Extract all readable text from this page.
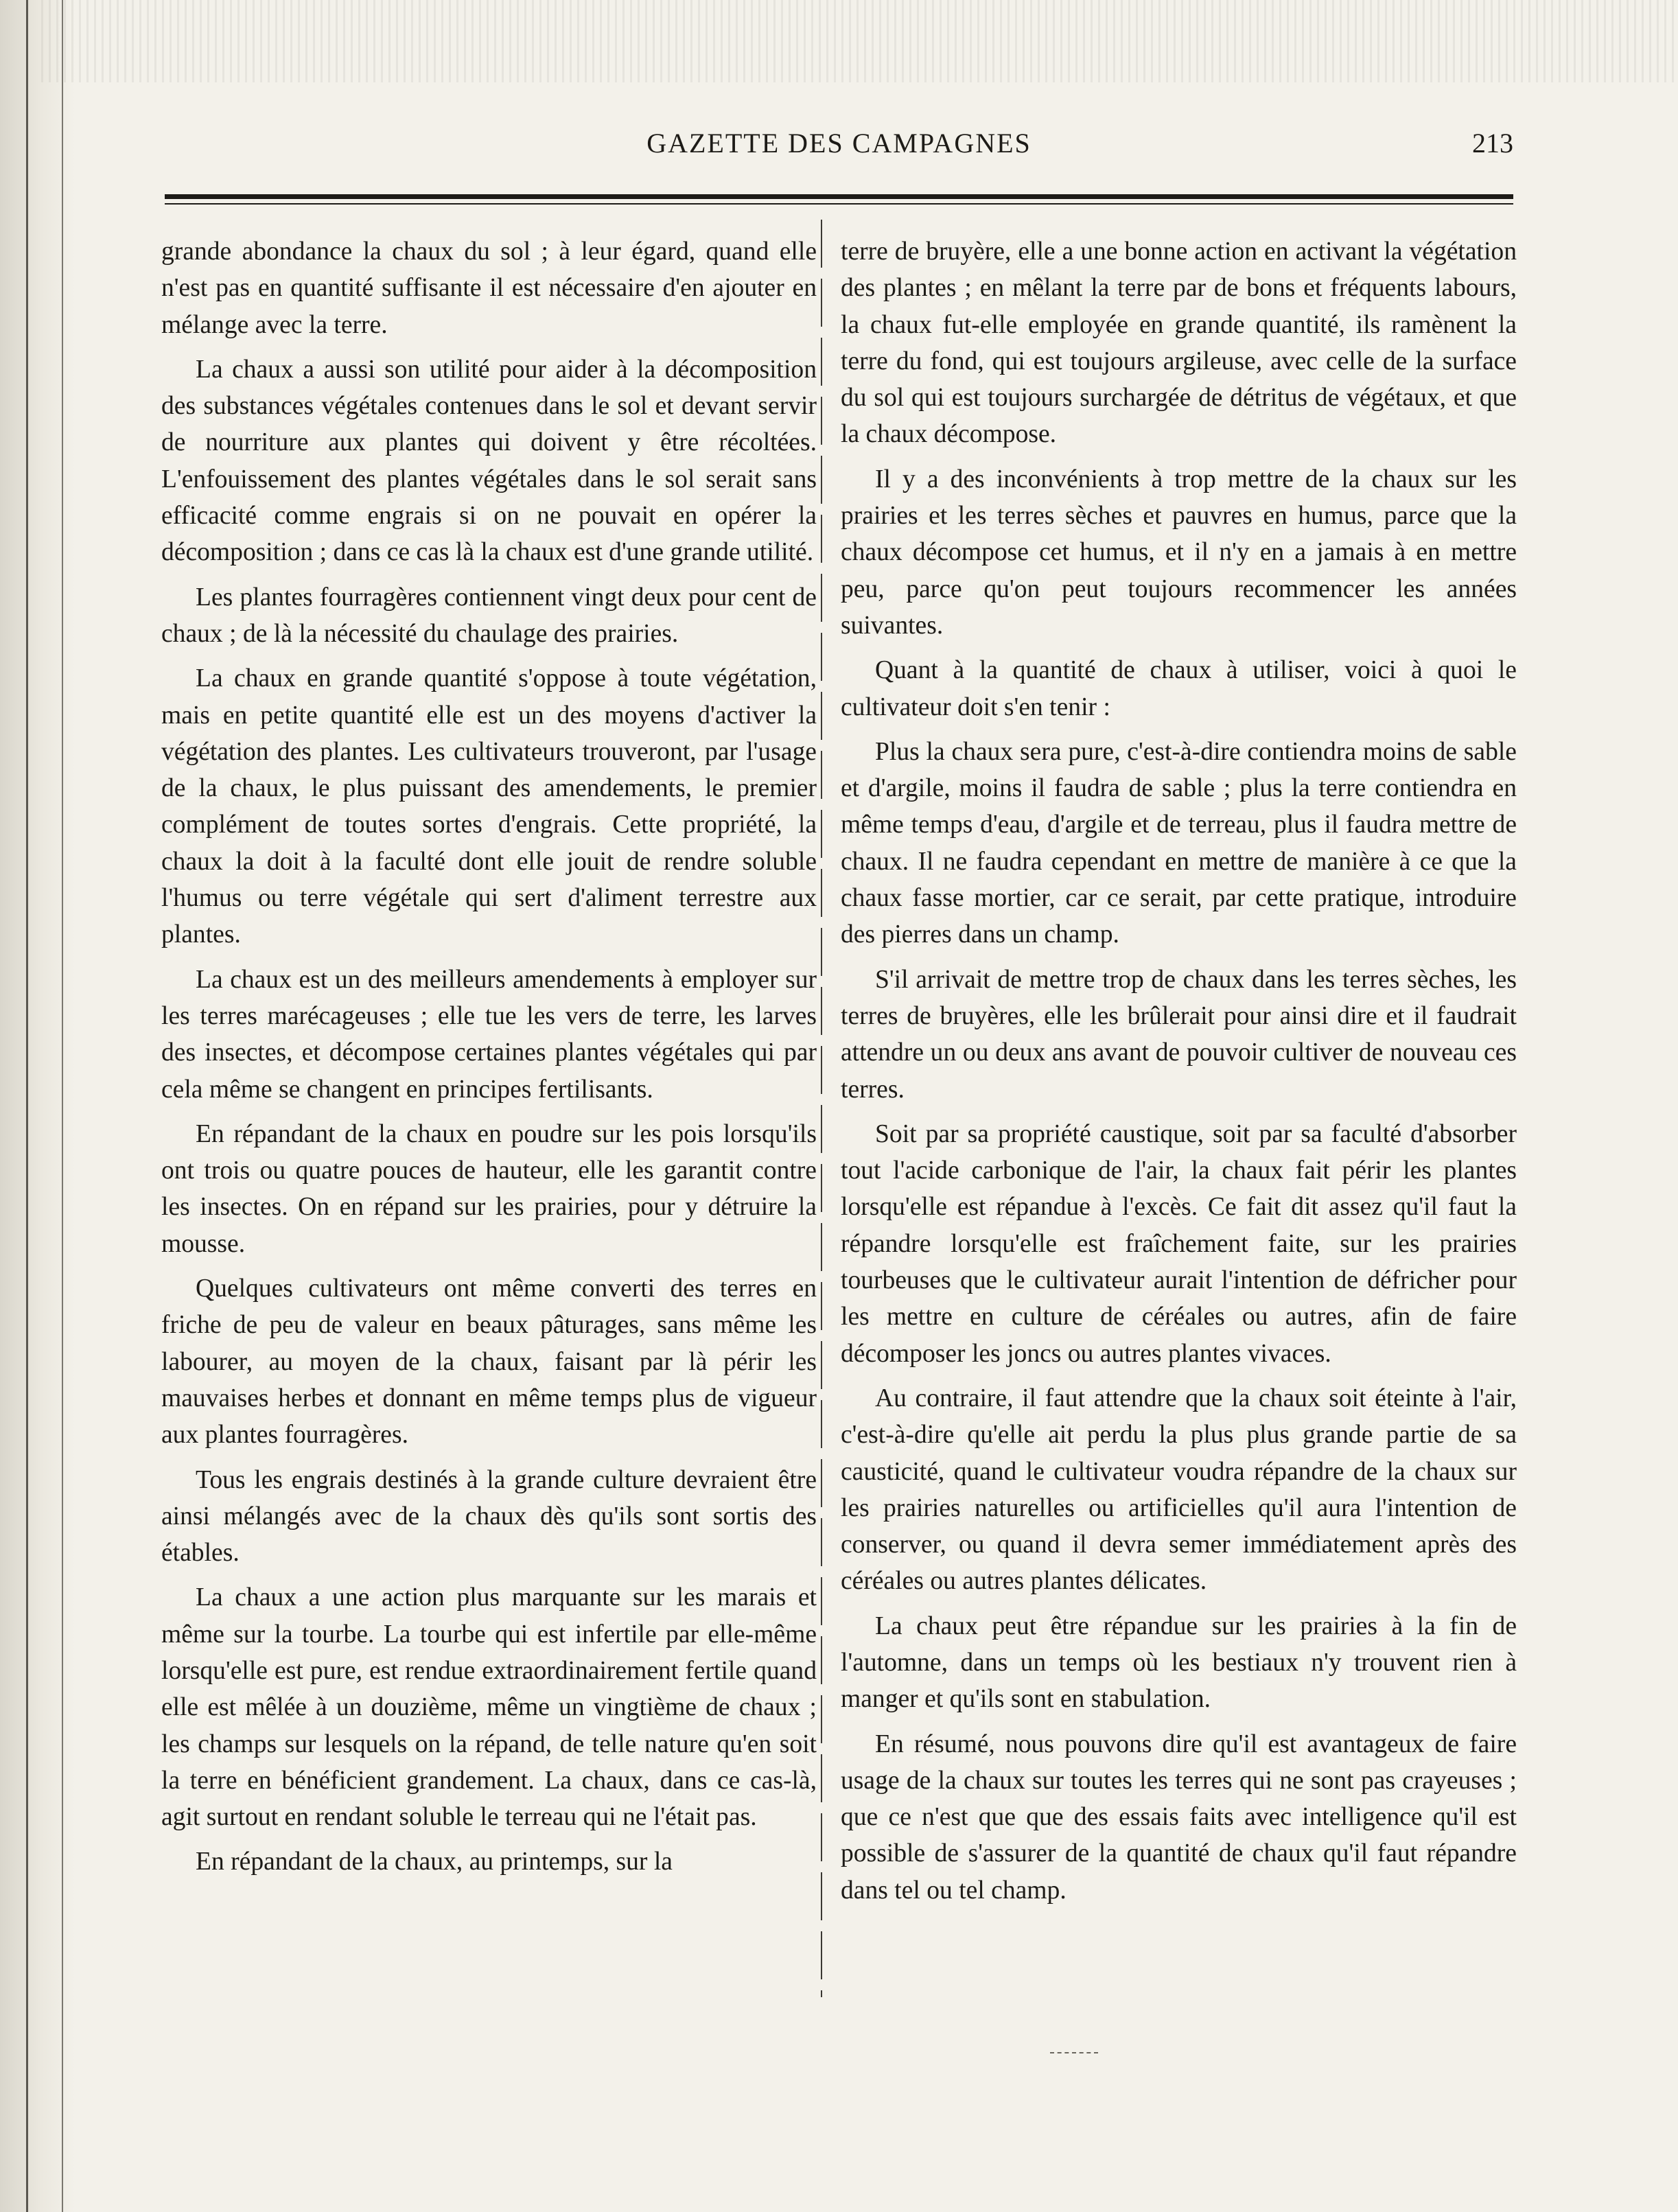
GAZETTE DES CAMPAGNES	213

grande abondance la chaux du sol ; à leur égard, quand elle n'est pas en quantité suffisante il est nécessaire d'en ajouter en mélange avec la terre.

La chaux a aussi son utilité pour aider à la décomposition des substances végétales contenues dans le sol et devant servir de nourriture aux plantes qui doivent y être récoltées. L'enfouissement des plantes végétales dans le sol serait sans efficacité comme engrais si on ne pouvait en opérer la décomposition ; dans ce cas là la chaux est d'une grande utilité.

Les plantes fourragères contiennent vingt deux pour cent de chaux ; de là la nécessité du chaulage des prairies.

La chaux en grande quantité s'oppose à toute végétation, mais en petite quantité elle est un des moyens d'activer la végétation des plantes. Les cultivateurs trouveront, par l'usage de la chaux, le plus puissant des amendements, le premier complément de toutes sortes d'engrais. Cette propriété, la chaux la doit à la faculté dont elle jouit de rendre soluble l'humus ou terre végétale qui sert d'aliment terrestre aux plantes.

La chaux est un des meilleurs amendements à employer sur les terres marécageuses ; elle tue les vers de terre, les larves des insectes, et décompose certaines plantes végétales qui par cela même se changent en principes fertilisants.

En répandant de la chaux en poudre sur les pois lorsqu'ils ont trois ou quatre pouces de hauteur, elle les garantit contre les insectes. On en répand sur les prairies, pour y détruire la mousse.

Quelques cultivateurs ont même converti des terres en friche de peu de valeur en beaux pâturages, sans même les labourer, au moyen de la chaux, faisant par là périr les mauvaises herbes et donnant en même temps plus de vigueur aux plantes fourragères.

Tous les engrais destinés à la grande culture devraient être ainsi mélangés avec de la chaux dès qu'ils sont sortis des étables.

La chaux a une action plus marquante sur les marais et même sur la tourbe. La tourbe qui est infertile par elle-même lorsqu'elle est pure, est rendue extraordinairement fertile quand elle est mêlée à un douzième, même un vingtième de chaux ; les champs sur lesquels on la répand, de telle nature qu'en soit la terre en bénéficient grandement. La chaux, dans ce cas-là, agit surtout en rendant soluble le terreau qui ne l'était pas.

En répandant de la chaux, au printemps, sur la

terre de bruyère, elle a une bonne action en activant la végétation des plantes ; en mêlant la terre par de bons et fréquents labours, la chaux fut-elle employée en grande quantité, ils ramènent la terre du fond, qui est toujours argileuse, avec celle de la surface du sol qui est toujours surchargée de détritus de végétaux, et que la chaux décompose.

Il y a des inconvénients à trop mettre de la chaux sur les prairies et les terres sèches et pauvres en humus, parce que la chaux décompose cet humus, et il n'y en a jamais à en mettre peu, parce qu'on peut toujours recommencer les années suivantes.

Quant à la quantité de chaux à utiliser, voici à quoi le cultivateur doit s'en tenir :

Plus la chaux sera pure, c'est-à-dire contiendra moins de sable et d'argile, moins il faudra de sable ; plus la terre contiendra en même temps d'eau, d'argile et de terreau, plus il faudra mettre de chaux. Il ne faudra cependant en mettre de manière à ce que la chaux fasse mortier, car ce serait, par cette pratique, introduire des pierres dans un champ.

S'il arrivait de mettre trop de chaux dans les terres sèches, les terres de bruyères, elle les brûlerait pour ainsi dire et il faudrait attendre un ou deux ans avant de pouvoir cultiver de nouveau ces terres.

Soit par sa propriété caustique, soit par sa faculté d'absorber tout l'acide carbonique de l'air, la chaux fait périr les plantes lorsqu'elle est répandue à l'excès. Ce fait dit assez qu'il faut la répandre lorsqu'elle est fraîchement faite, sur les prairies tourbeuses que le cultivateur aurait l'intention de défricher pour les mettre en culture de céréales ou autres, afin de faire décomposer les joncs ou autres plantes vivaces.

Au contraire, il faut attendre que la chaux soit éteinte à l'air, c'est-à-dire qu'elle ait perdu la plus plus grande partie de sa causticité, quand le cultivateur voudra répandre de la chaux sur les prairies naturelles ou artificielles qu'il aura l'intention de conserver, ou quand il devra semer immédiatement après des céréales ou autres plantes délicates.

La chaux peut être répandue sur les prairies à la fin de l'automne, dans un temps où les bestiaux n'y trouvent rien à manger et qu'ils sont en stabulation.

En résumé, nous pouvons dire qu'il est avantageux de faire usage de la chaux sur toutes les terres qui ne sont pas crayeuses ; que ce n'est que que des essais faits avec intelligence qu'il est possible de s'assurer de la quantité de chaux qu'il faut répandre dans tel ou tel champ.
